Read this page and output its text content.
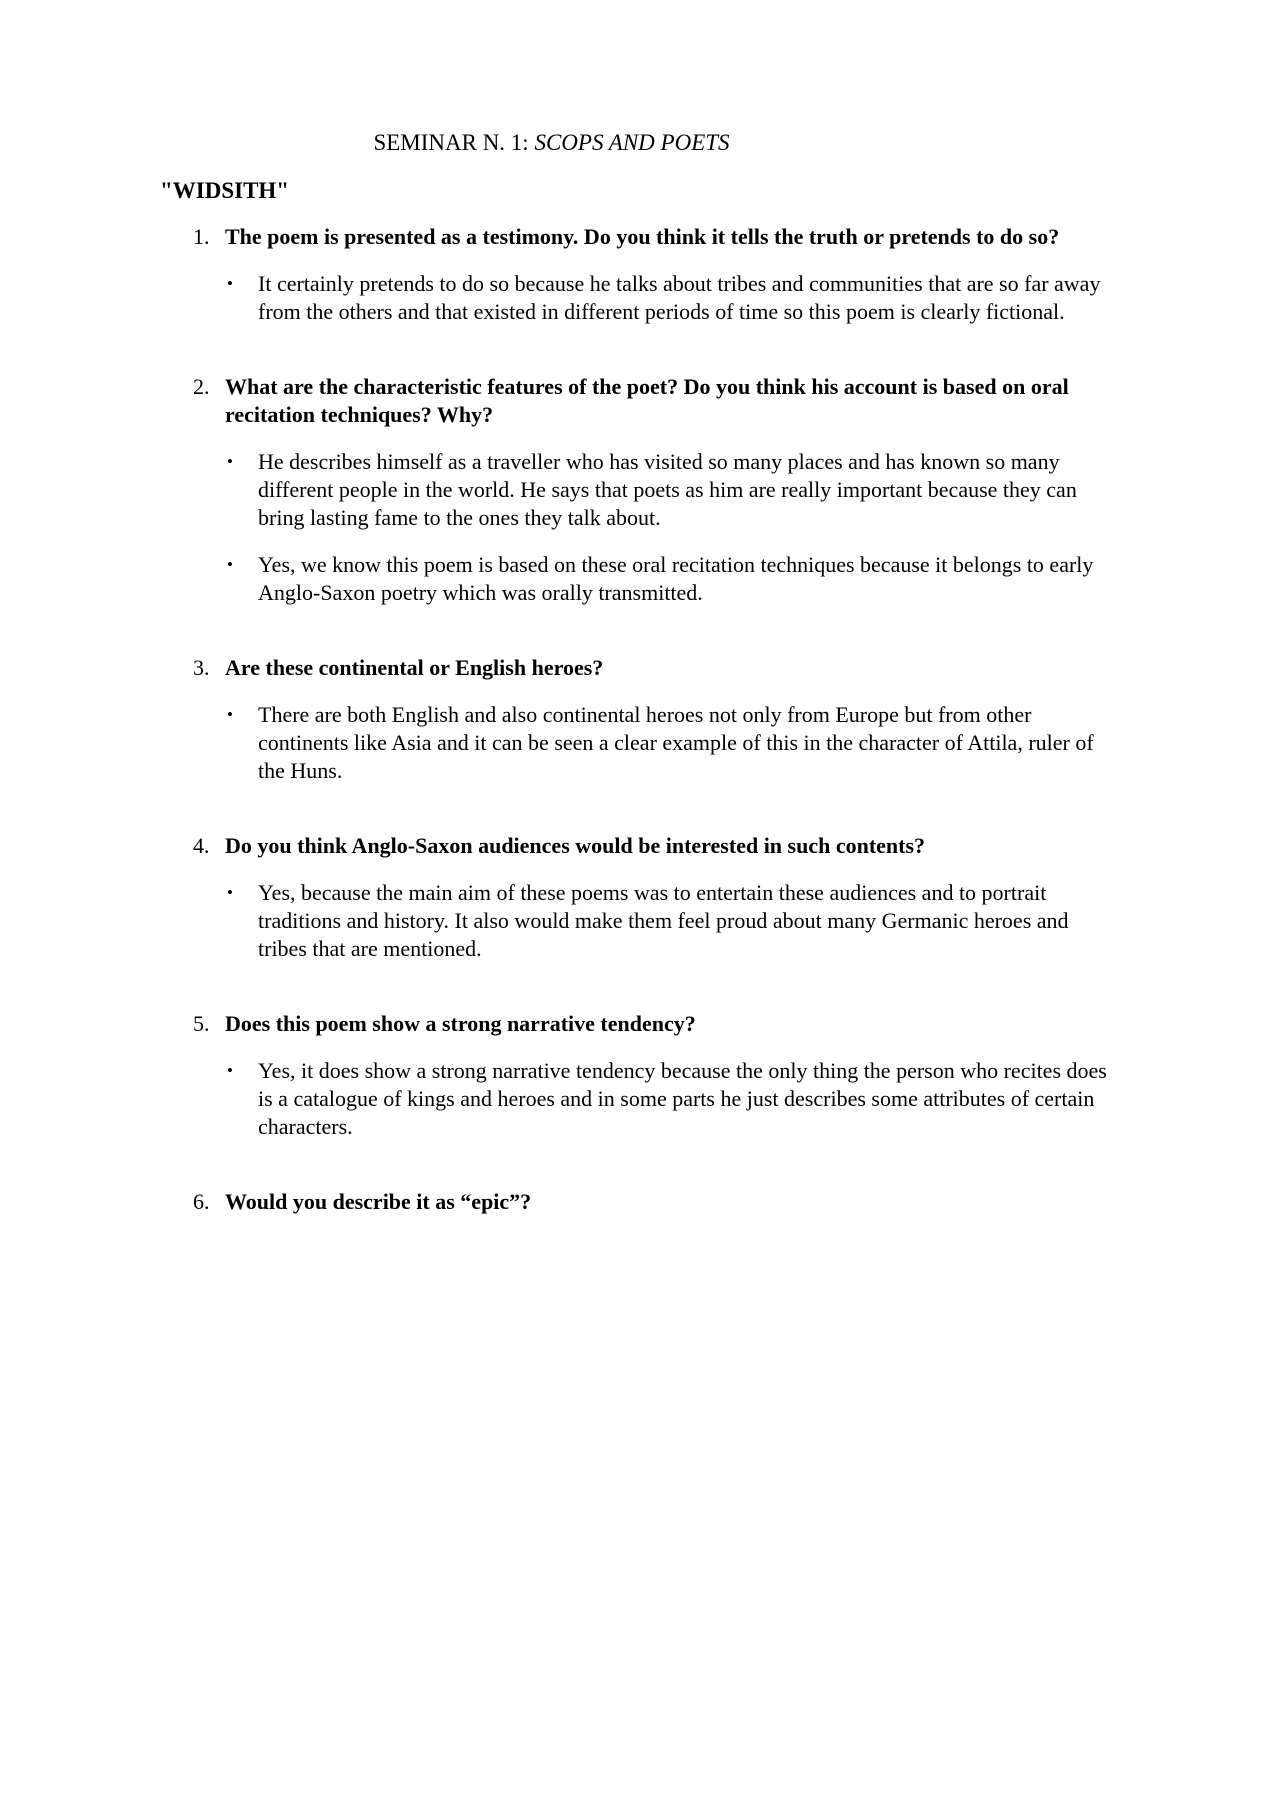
SEMINAR N. 1: SCOPS AND POETS
"WIDSITH"
1. The poem is presented as a testimony. Do you think it tells the truth or pretends to do so?
•	It certainly pretends to do so because he talks about tribes and communities that are so far away from the others and that existed in different periods of time so this poem is clearly fictional.
2. What are the characteristic features of the poet? Do you think his account is based on oral recitation techniques? Why?
•	He describes himself as a traveller who has visited so many places and has known so many different people in the world. He says that poets as him are really important because they can bring lasting fame to the ones they talk about.
•	Yes, we know this poem is based on these oral recitation techniques because it belongs to early Anglo-Saxon poetry which was orally transmitted.
3. Are these continental or English heroes?
•	There are both English and also continental heroes not only from Europe but from other continents like Asia and it can be seen a clear example of this in the character of Attila, ruler of the Huns.
4. Do you think Anglo-Saxon audiences would be interested in such contents?
•	Yes, because the main aim of these poems was to entertain these audiences and to portrait traditions and history. It also would make them feel proud about many Germanic heroes and tribes that are mentioned.
5. Does this poem show a strong narrative tendency?
•	Yes, it does show a strong narrative tendency because the only thing the person who recites does is a catalogue of kings and heroes and in some parts he just describes some attributes of certain characters.
6. Would you describe it as “epic”?
